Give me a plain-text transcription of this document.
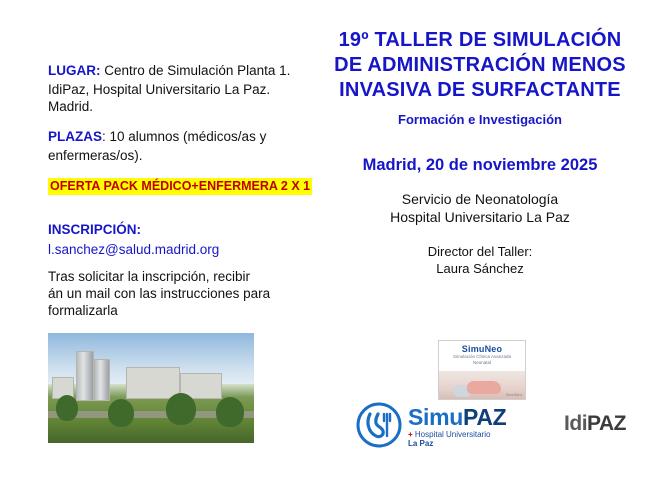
LUGAR: Centro de Simulación Planta 1.
IdiPaz, Hospital Universitario La Paz. Madrid.
PLAZAS: 10 alumnos (médicos/as y
enfermeras/os).
OFERTA PACK MÉDICO+ENFERMERA 2 X 1
INSCRIPCIÓN:
l.sanchez@salud.madrid.org
Tras solicitar la inscripción, recibir
án un mail con las instrucciones para formalizarla
19º TALLER DE SIMULACIÓN DE ADMINISTRACIÓN MENOS INVASIVA DE SURFACTANTE
Formación e Investigación
Madrid, 20 de noviembre 2025
Servicio de Neonatología
Hospital Universitario La Paz
Director del Taller:
Laura Sánchez
SimuNeo
Simulación Clínica Avanzada
Neonatal
SimuNeo
SimuPAZ
+ Hospital Universitario
La Paz
IdiPAZ
